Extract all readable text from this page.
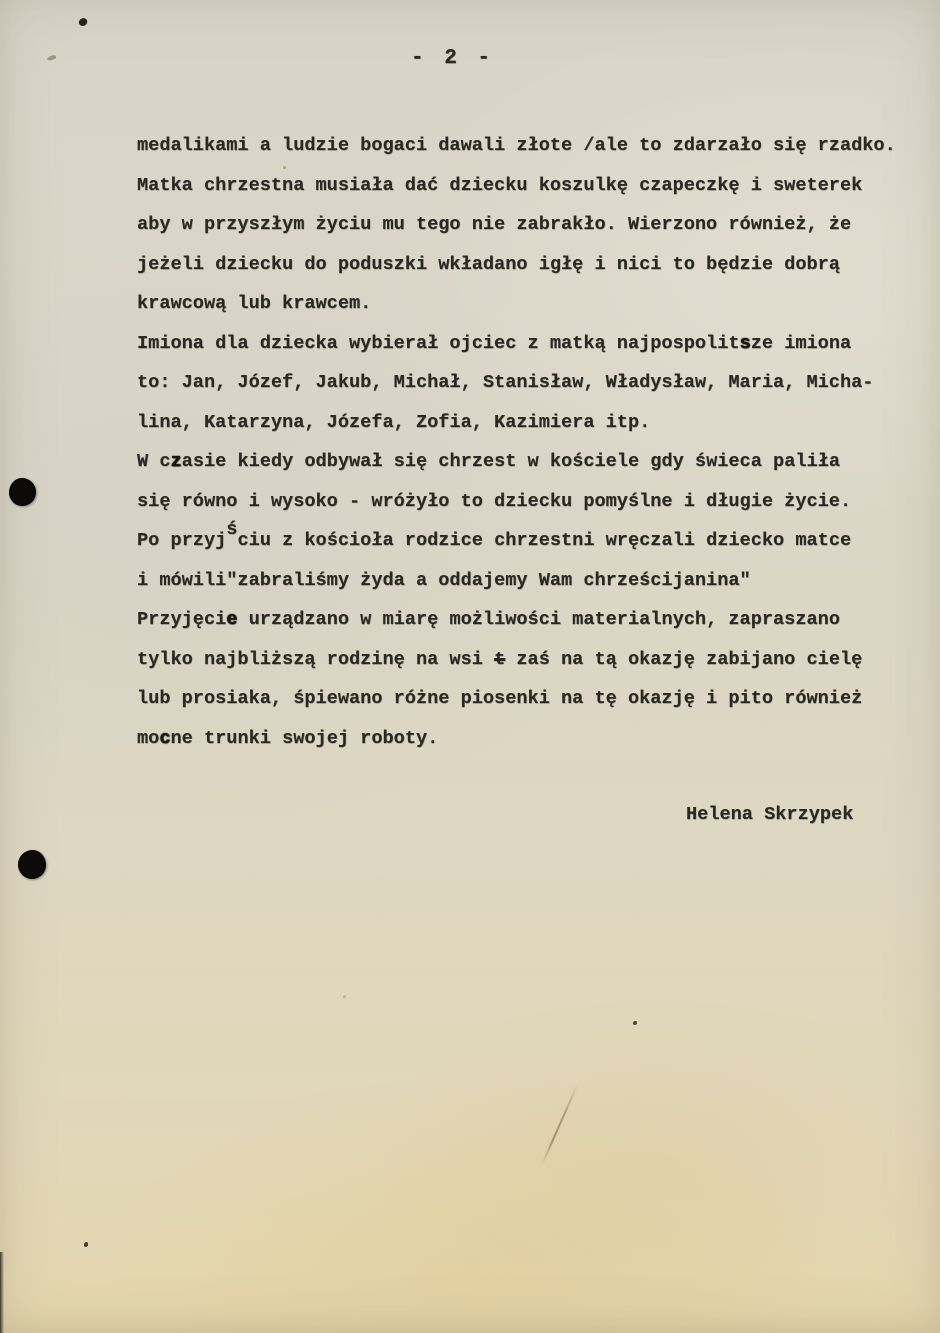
- 2 -
medalikami a ludzie bogaci dawali złote /ale to zdarzało się rzadko.
Matka chrzestna musiała dać dziecku koszulkę czapeczkę i sweterek
aby w przyszłym życiu mu tego nie zabrakło. Wierzono również, że
jeżeli dziecku do poduszki wkładano igłę i nici to będzie dobrą
krawcową lub krawcem.
Imiona dla dziecka wybierał ojciec z matką najpospolitsze imiona
to: Jan, Józef, Jakub, Michał, Stanisław, Władysław, Maria, Micha-
lina, Katarzyna, Józefa, Zofia, Kazimiera itp.
W czasie kiedy odbywał się chrzest w kościele gdy świeca paliła
się równo i wysoko - wróżyło to dziecku pomyślne i długie życie.
Po przyjściu z kościoła rodzice chrzestni wręczali dziecko matce
i mówili"zabraliśmy żyda a oddajemy Wam chrześcijanina"
Przyjęcie urządzano w miarę możliwości materialnych, zapraszano
tylko najbliższą rodzinę na wsi t zaś na tą okazję zabijano cielę
lub prosiaka, śpiewano różne piosenki na tę okazję i pito również
mocne trunki swojej roboty.
Helena Skrzypek
